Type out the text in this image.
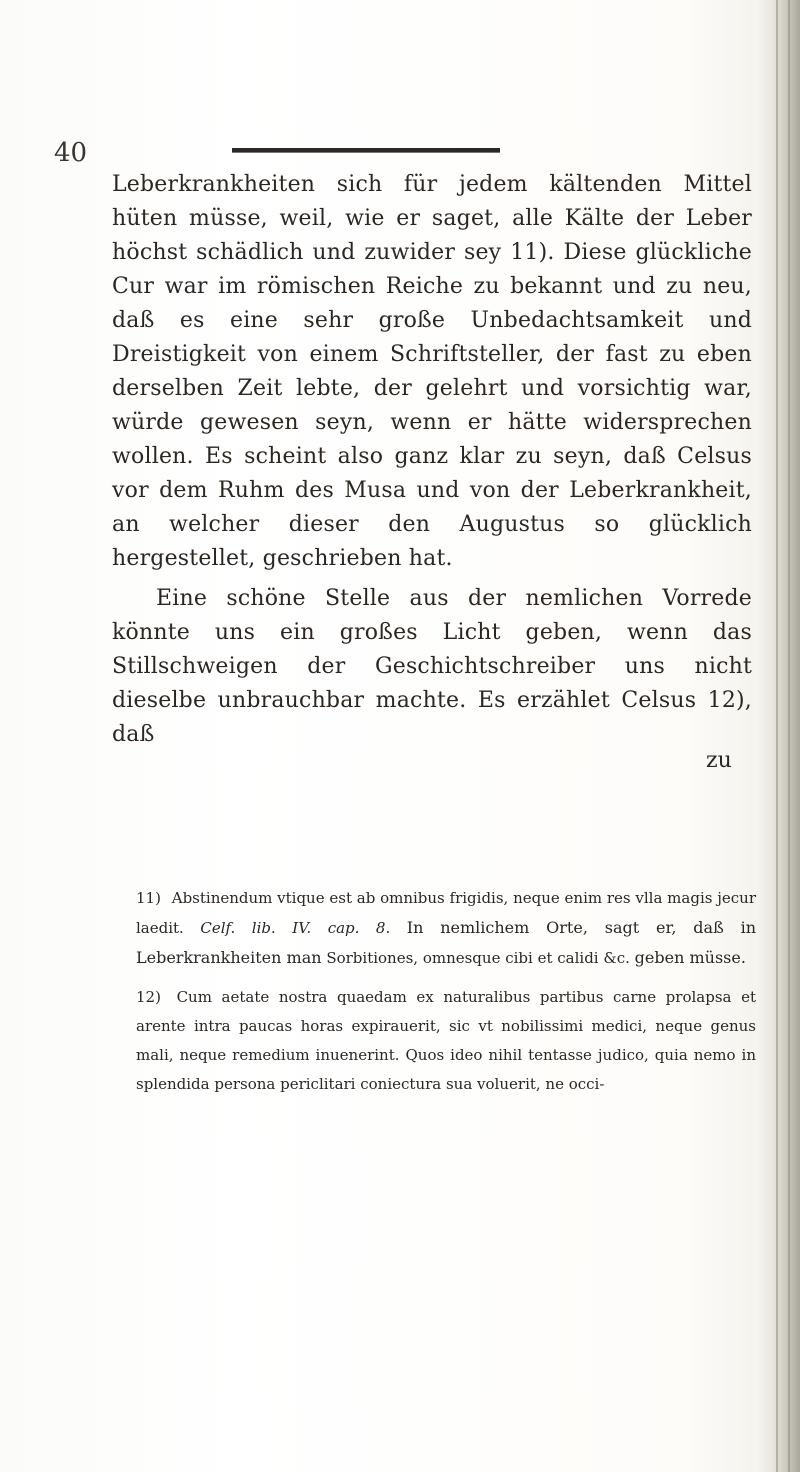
40

Leberkrankheiten sich für jedem kältenden Mittel hüten müsse, weil, wie er saget, alle Kälte der Leber höchst schädlich und zuwider sey 11). Diese glückliche Cur war im römischen Reiche zu bekannt und zu neu, daß es eine sehr große Unbedachtsamkeit und Dreistigkeit von einem Schriftsteller, der fast zu eben derselben Zeit lebte, der gelehrt und vorsichtig war, würde gewesen seyn, wenn er hätte widersprechen wollen. Es scheint also ganz klar zu seyn, daß Celsus vor dem Ruhm des Musa und von der Leberkrankheit, an welcher dieser den Augustus so glücklich hergestellet, geschrieben hat.

Eine schöne Stelle aus der nemlichen Vorrede könnte uns ein großes Licht geben, wenn das Stillschweigen der Geschichtschreiber uns nicht dieselbe unbrauchbar machte. Es erzählet Celsus 12), daß

zu

11) Abstinendum vtique est ab omnibus frigidis, neque enim res vlla magis jecur laedit. Celf. lib. IV. cap. 8. In nemlichem Orte, sagt er, daß in Leberkrankheiten man Sorbitiones, omnesque cibi et calidi &c. geben müsse.

12) Cum aetate nostra quaedam ex naturalibus partibus carne prolapsa et arente intra paucas horas expirauerit, sic vt nobilissimi medici, neque genus mali, neque remedium inuenerint. Quos ideo nihil tentasse judico, quia nemo in splendida persona periclitari coniectura sua voluerit, ne occi-
